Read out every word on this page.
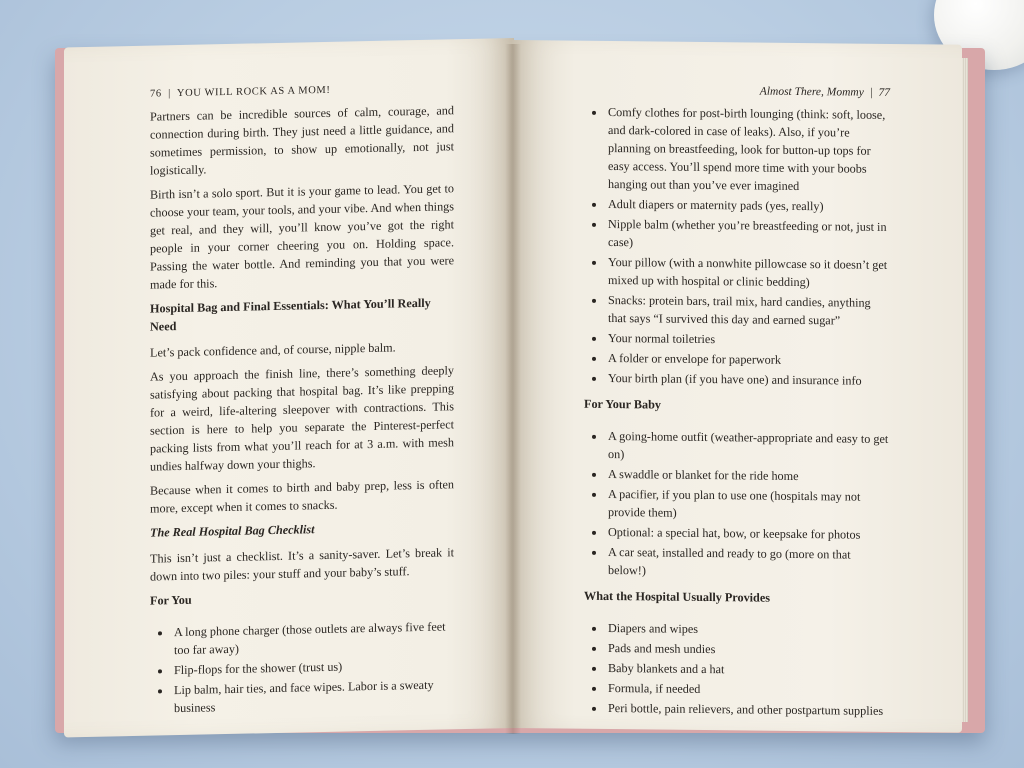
76  |  YOU WILL ROCK AS A MOM!

Partners can be incredible sources of calm, courage, and connection during birth. They just need a little guidance, and sometimes permission, to show up emotionally, not just logistically.

Birth isn’t a solo sport. But it is your game to lead. You get to choose your team, your tools, and your vibe. And when things get real, and they will, you’ll know you’ve got the right people in your corner cheering you on. Holding space. Passing the water bottle. And reminding you that you were made for this.

Hospital Bag and Final Essentials: What You’ll Really Need

Let’s pack confidence and, of course, nipple balm.

As you approach the finish line, there’s something deeply satisfying about packing that hospital bag. It’s like prepping for a weird, life-altering sleepover with contractions. This section is here to help you separate the Pinterest-perfect packing lists from what you’ll reach for at 3 a.m. with mesh undies halfway down your thighs.

Because when it comes to birth and baby prep, less is often more, except when it comes to snacks.

The Real Hospital Bag Checklist

This isn’t just a checklist. It’s a sanity-saver. Let’s break it down into two piles: your stuff and your baby’s stuff.

For You
• A long phone charger (those outlets are always five feet too far away)
• Flip-flops for the shower (trust us)
• Lip balm, hair ties, and face wipes. Labor is a sweaty business
Almost There, Mommy  |  77
• Comfy clothes for post-birth lounging (think: soft, loose, and dark-colored in case of leaks). Also, if you’re planning on breastfeeding, look for button-up tops for easy access. You’ll spend more time with your boobs hanging out than you’ve ever imagined
• Adult diapers or maternity pads (yes, really)
• Nipple balm (whether you’re breastfeeding or not, just in case)
• Your pillow (with a nonwhite pillowcase so it doesn’t get mixed up with hospital or clinic bedding)
• Snacks: protein bars, trail mix, hard candies, anything that says “I survived this day and earned sugar”
• Your normal toiletries
• A folder or envelope for paperwork
• Your birth plan (if you have one) and insurance info
For Your Baby
• A going-home outfit (weather-appropriate and easy to get on)
• A swaddle or blanket for the ride home
• A pacifier, if you plan to use one (hospitals may not provide them)
• Optional: a special hat, bow, or keepsake for photos
• A car seat, installed and ready to go (more on that below!)
What the Hospital Usually Provides
• Diapers and wipes
• Pads and mesh undies
• Baby blankets and a hat
• Formula, if needed
• Peri bottle, pain relievers, and other postpartum supplies
